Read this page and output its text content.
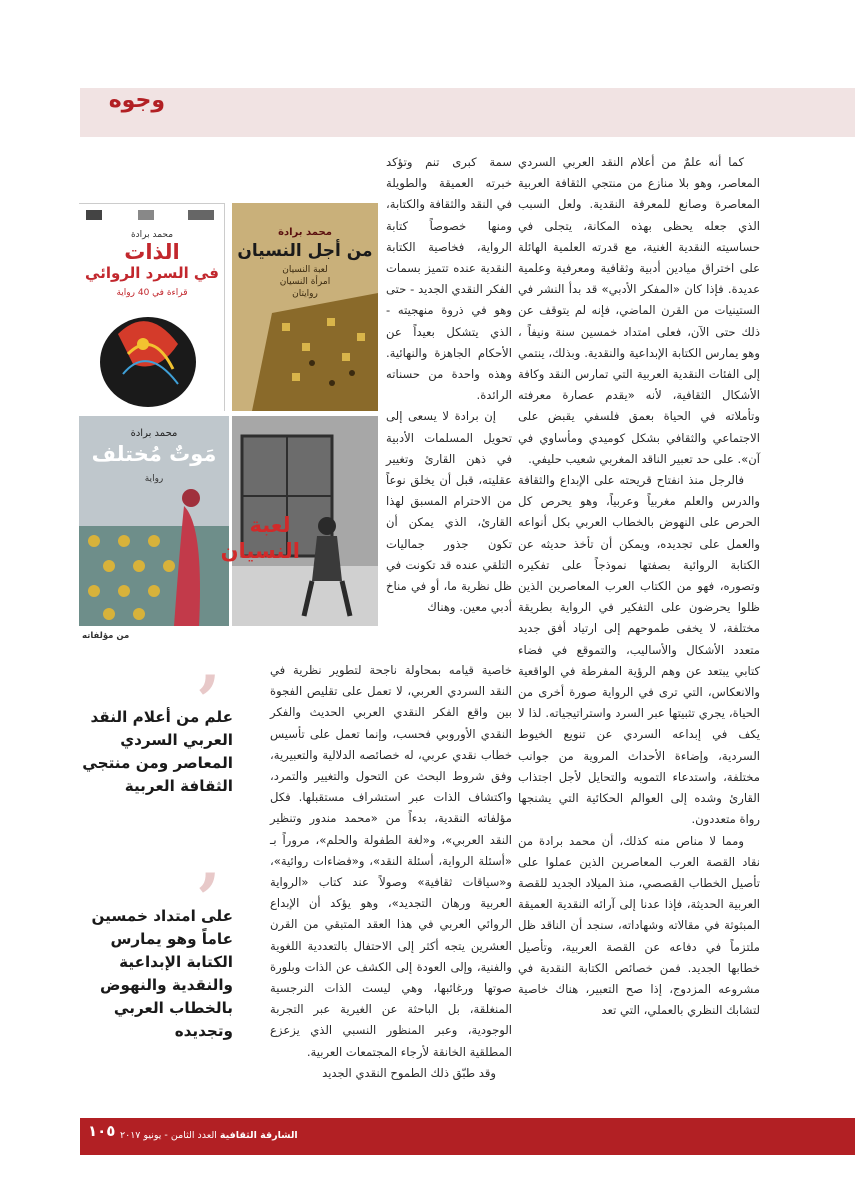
وجوه

كما أنه علمٌ من أعلام النقد العربي السردي المعاصر، وهو بلا منازع من منتجي الثقافة العربية المعاصرة وصانع للمعرفة النقدية. ولعل السبب الذي جعله يحظى بهذه المكانة، يتجلى في حساسيته النقدية الغنية، مع قدرته العلمية الهائلة على اختراق ميادين أدبية وثقافية ومعرفية وعلمية عديدة. فإذا كان «المفكر الأدبي» قد بدأ النشر في الستينيات من القرن الماضي، فإنه لم يتوقف عن ذلك حتى الآن، فعلى امتداد خمسين سنة ونيفاً ، وهو يمارس الكتابة الإبداعية والنقدية. وبذلك، ينتمي إلى الفئات النقدية العربية التي تمارس النقد وكافة الأشكال الثقافية، لأنه «يقدم عصارة معرفته وتأملاته في الحياة بعمق فلسفي يقبض على الاجتماعي والثقافي بشكل كوميدي ومأساوي في آن». على حد تعبير الناقد المغربي شعيب حليفي.

فالرجل منذ انفتاح قريحته على الإبداع والثقافة والدرس والعلم مغربياً وعربياً، وهو يحرص كل الحرص على النهوض بالخطاب العربي بكل أنواعه والعمل على تجديده، ويمكن أن تأخذ حديثه عن الكتابة الروائية بصفتها نموذجاً على تفكيره وتصوره، فهو من الكتاب العرب المعاصرين الذين ظلوا يحرضون على التفكير في الرواية بطريقة مختلفة، لا يخفى طموحهم إلى ارتياد أفق جديد متعدد الأشكال والأساليب، والتموقع في فضاء كتابي يبتعد عن وهم الرؤية المفرطة في الواقعية والانعكاس، التي ترى في الرواية صورة أخرى من الحياة، يجري تثبيتها عبر السرد واستراتيجياته. لذا لا يكف في إبداعه السردي عن تنويع الخيوط السردية، وإضاءة الأحداث المروية من جوانب مختلفة، واستدعاء التمويه والتحايل لأجل اجتذاب القارئ وشده إلى العوالم الحكائية التي يشنجها رواة متعددون.

ومما لا مناص منه كذلك، أن محمد برادة من نقاد القصة العرب المعاصرين الذين عملوا على تأصيل الخطاب القصصي، منذ الميلاد الجديد للقصة العربية الحديثة، فإذا عدنا إلى آرائه النقدية العميقة المبثوثة في مقالاته وشهاداته، سنجد أن الناقد ظل ملتزماً في دفاعه عن القصة العربية، وتأصيل خطابها الجديد. فمن خصائص الكتابة النقدية في مشروعه المزدوج، إذا صح التعبير، هناك خاصية لتشابك النظري بالعملي، التي تعد

سمة كبرى تنم وتؤكد خبرته العميقة والطويلة في النقد والثقافة والكتابة، ومنها خصوصاً كتابة الرواية، فخاصية الكتابة النقدية عنده تتميز بسمات الفكر النقدي الجديد - حتى وهو في ذروة منهجيته - الذي يتشكل بعيداً عن الأحكام الجاهزة والنهائية. وهذه واحدة من حسناته الرائدة.

إن برادة لا يسعى إلى تحويل المسلمات الأدبية في ذهن القارئ وتغيير عقليته، قبل أن يخلق نوعاً من الاحترام المسبق لهذا القارئ، الذي يمكن أن تكون جذور جماليات التلقي عنده قد تكونت في ظل نظرية ما، أو في مناخ أدبي معين. وهناك

خاصية قيامه بمحاولة ناجحة لتطوير نظرية في النقد السردي العربي، لا تعمل على تقليص الفجوة بين واقع الفكر النقدي العربي الحديث والفكر النقدي الأوروبي فحسب، وإنما تعمل على تأسيس خطاب نقدي عربي، له خصائصه الدلالية والتعبيرية، وفق شروط البحث عن التحول والتغيير والتمرد، واكتشاف الذات عبر استشراف مستقبلها. فكل مؤلفاته النقدية، بدءاً من «محمد مندور وتنظير النقد العربي»، و«لغة الطفولة والحلم»، مروراً بـ «أسئلة الرواية، أسئلة النقد»، و«فضاءات روائية»، و«سياقات ثقافية» وصولاً عند كتاب «الرواية العربية ورهان التجديد»، وهو يؤكد أن الإبداع الروائي العربي في هذا العقد المتبقي من القرن العشرين يتجه أكثر إلى الاحتفال بالتعددية اللغوية والفنية، وإلى العودة إلى الكشف عن الذات وبلورة صوتها ورغائبها، وهي ليست الذات النرجسية المنغلقة، بل الباحثة عن الغيرية عبر التجربة الوجودية، وعبر المنظور النسبي الذي يزعزع المطلقية الخانقة لأرجاء المجتمعات العربية.

وقد طبّق ذلك الطموح النقدي الجديد

محمد برادة
الذات
في السرد الروائي
قراءة في 40 رواية
محمد برادة
من أجل النسيان
لعبة النسيان
امرأة النسيان
روايتان
محمد برادة
مَوتٌ مُختلف
رواية
لعبة النسيان
من مؤلفاته
’
علم من أعلام النقد العربي السردي المعاصر ومن منتجي الثقافة العربية
’
على امتداد خمسين عاماً وهو يمارس الكتابة الإبداعية والنقدية والنهوض بالخطاب العربي وتجديده
١٠٥	الشارقة الثقافية العدد الثامن - يونيو ٢٠١٧
